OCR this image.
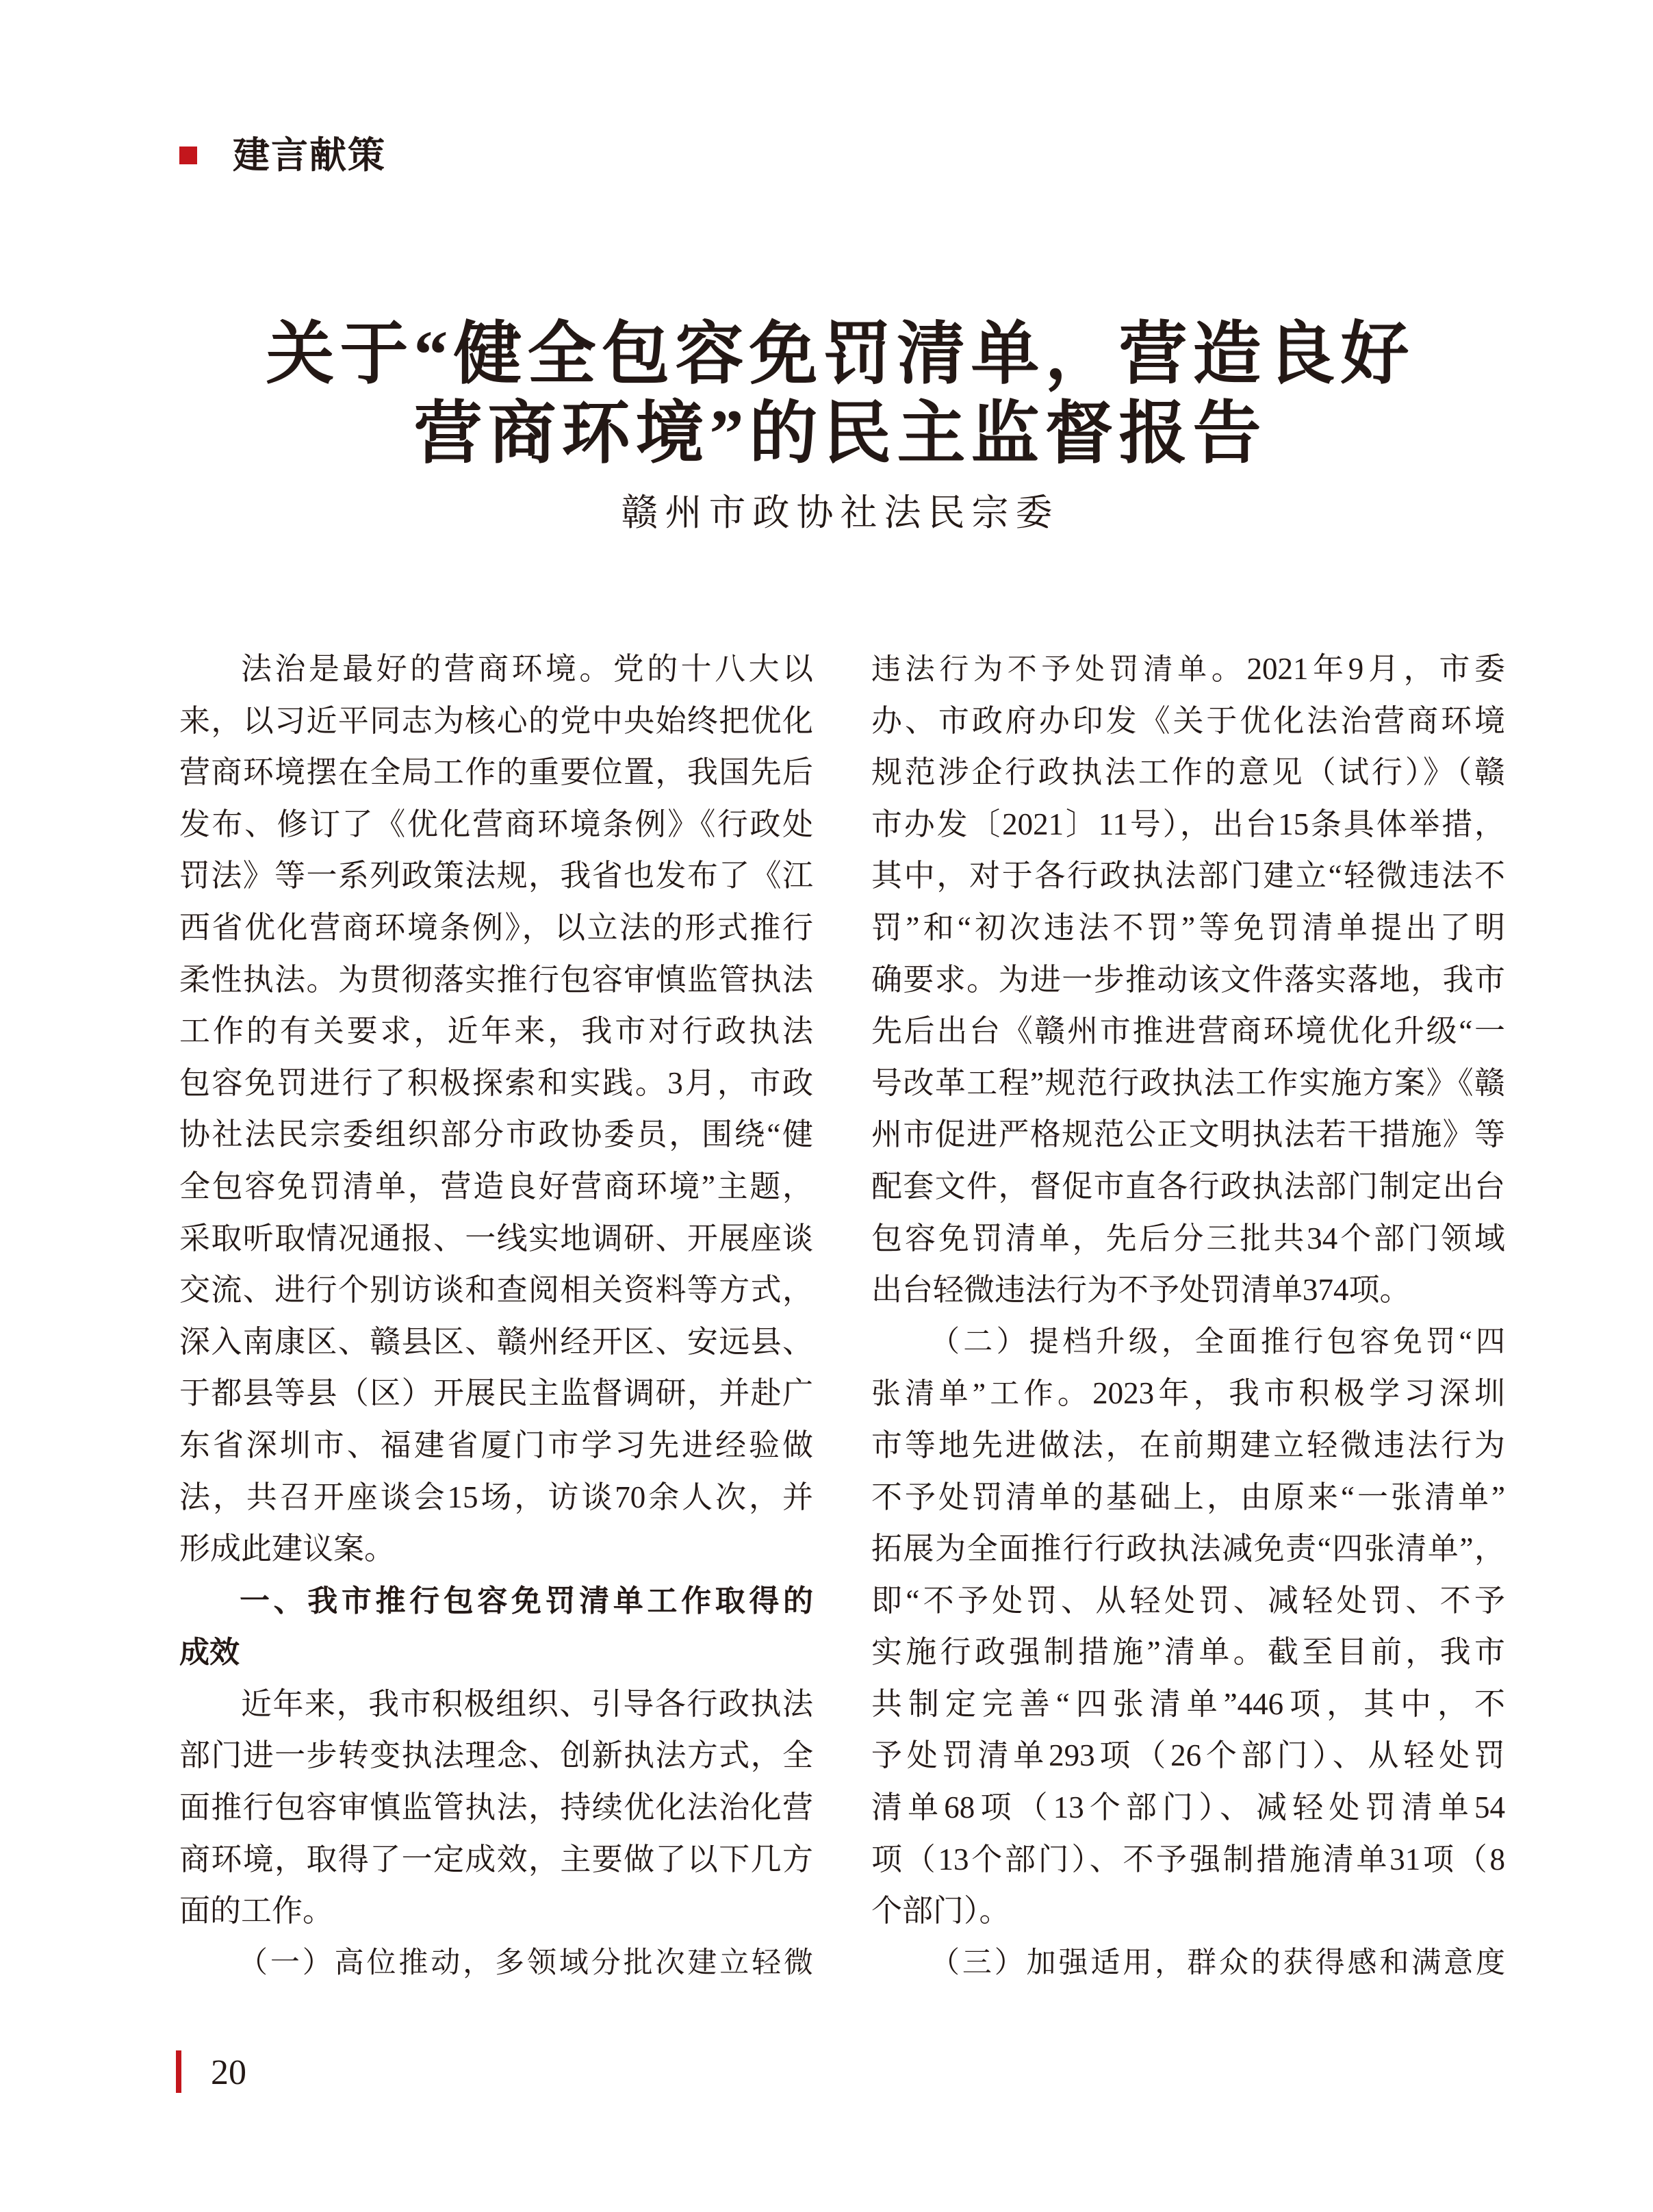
建言献策
关于“健全包容免罚清单，营造良好
营商环境”的民主监督报告
赣州市政协社法民宗委
法治是最好的营商环境。党的十八大以
来，以习近平同志为核心的党中央始终把优化
营商环境摆在全局工作的重要位置，我国先后
发布、修订了《优化营商环境条例》《行政处
罚法》等一系列政策法规，我省也发布了《江
西省优化营商环境条例》，以立法的形式推行
柔性执法。为贯彻落实推行包容审慎监管执法
工作的有关要求，近年来，我市对行政执法
包容免罚进行了积极探索和实践。3月，市政
协社法民宗委组织部分市政协委员，围绕“健
全包容免罚清单，营造良好营商环境”主题，
采取听取情况通报、一线实地调研、开展座谈
交流、进行个别访谈和查阅相关资料等方式，
深入南康区、赣县区、赣州经开区、安远县、
于都县等县（区）开展民主监督调研，并赴广
东省深圳市、福建省厦门市学习先进经验做
法，共召开座谈会15场，访谈70余人次，并
形成此建议案。
一、我市推行包容免罚清单工作取得的
成效
近年来，我市积极组织、引导各行政执法
部门进一步转变执法理念、创新执法方式，全
面推行包容审慎监管执法，持续优化法治化营
商环境，取得了一定成效，主要做了以下几方
面的工作。
（一）高位推动，多领域分批次建立轻微
违法行为不予处罚清单。2021年9月，市委
办、市政府办印发《关于优化法治营商环境
规范涉企行政执法工作的意见（试行）》（赣
市办发〔2021〕11号），出台15条具体举措，
其中，对于各行政执法部门建立“轻微违法不
罚”和“初次违法不罚”等免罚清单提出了明
确要求。为进一步推动该文件落实落地，我市
先后出台《赣州市推进营商环境优化升级“一
号改革工程”规范行政执法工作实施方案》《赣
州市促进严格规范公正文明执法若干措施》等
配套文件，督促市直各行政执法部门制定出台
包容免罚清单，先后分三批共34个部门领域
出台轻微违法行为不予处罚清单374项。
（二）提档升级，全面推行包容免罚“四
张清单”工作。2023年，我市积极学习深圳
市等地先进做法，在前期建立轻微违法行为
不予处罚清单的基础上，由原来“一张清单”
拓展为全面推行行政执法减免责“四张清单”，
即“不予处罚、从轻处罚、减轻处罚、不予
实施行政强制措施”清单。截至目前，我市
共制定完善“四张清单”446项，其中，不
予处罚清单293项（26个部门）、从轻处罚
清单68项（13个部门）、减轻处罚清单54
项（13个部门）、不予强制措施清单31项（8
个部门）。
（三）加强适用，群众的获得感和满意度
20
